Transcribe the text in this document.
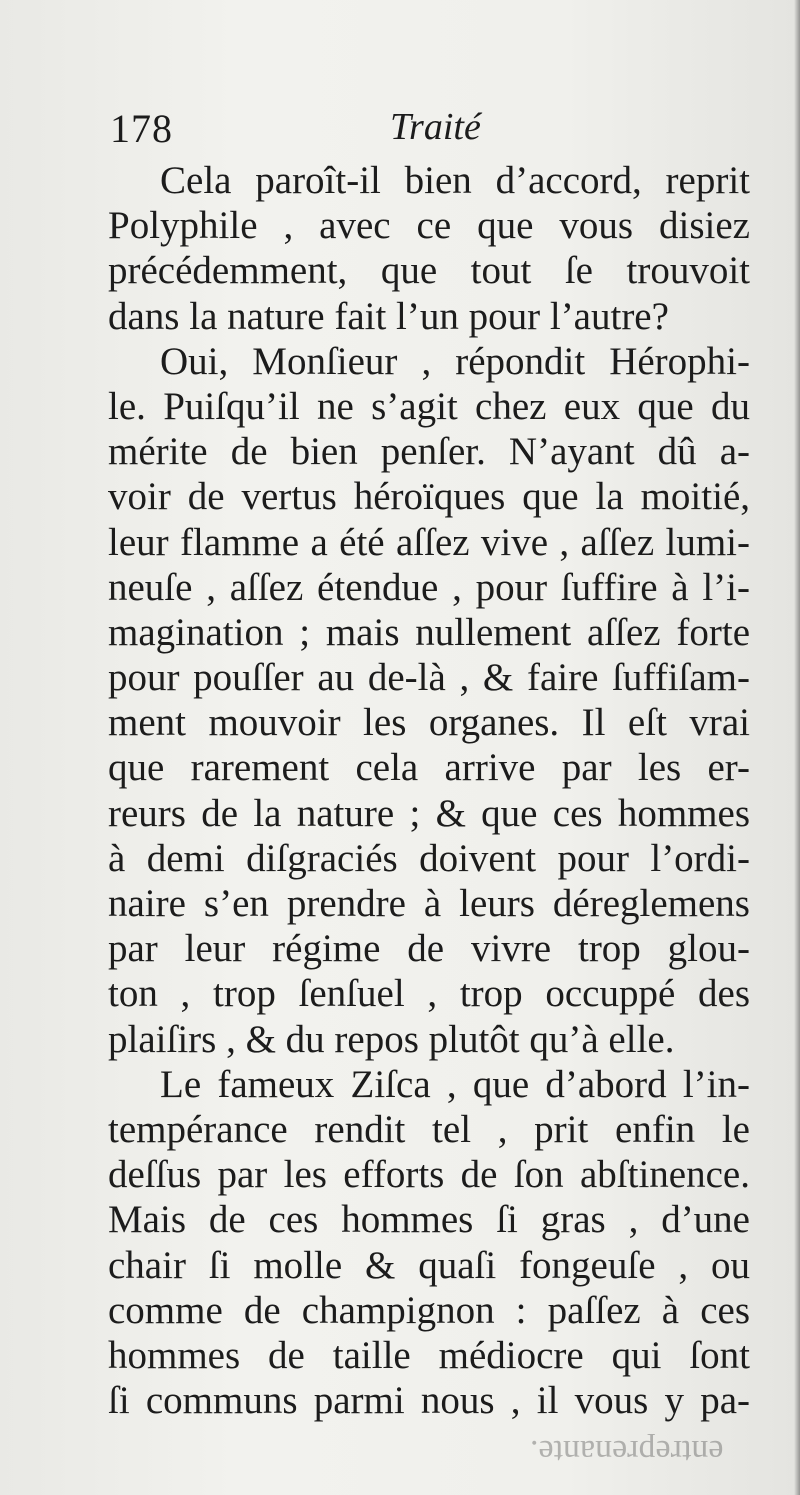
178	Traité
Cela paroît-il bien d’accord, reprit
Polyphile , avec ce que vous disiez
précédemment, que tout ſe trouvoit
dans la nature fait l’un pour l’autre?
Oui, Monſieur , répondit Hérophi-
le. Puiſqu’il ne s’agit chez eux que du
mérite de bien penſer. N’ayant dû a-
voir de vertus héroïques que la moitié,
leur flamme a été aſſez vive , aſſez lumi-
neuſe , aſſez étendue , pour ſuffire à l’i-
magination ; mais nullement aſſez forte
pour pouſſer au de-là , & faire ſuffiſam-
ment mouvoir les organes. Il eſt vrai
que rarement cela arrive par les er-
reurs de la nature ; & que ces hommes
à demi diſgraciés doivent pour l’ordi-
naire s’en prendre à leurs déreglemens
par leur régime de vivre trop glou-
ton , trop ſenſuel , trop occuppé des
plaiſirs , & du repos plutôt qu’à elle.
Le fameux Ziſca , que d’abord l’in-
tempérance rendit tel , prit enfin le
deſſus par les efforts de ſon abſtinence.
Mais de ces hommes ſi gras , d’une
chair ſi molle & quaſi fongeuſe , ou
comme de champignon : paſſez à ces
hommes de taille médiocre qui ſont
ſi communs parmi nous , il vous y pa-
entreprenante.
